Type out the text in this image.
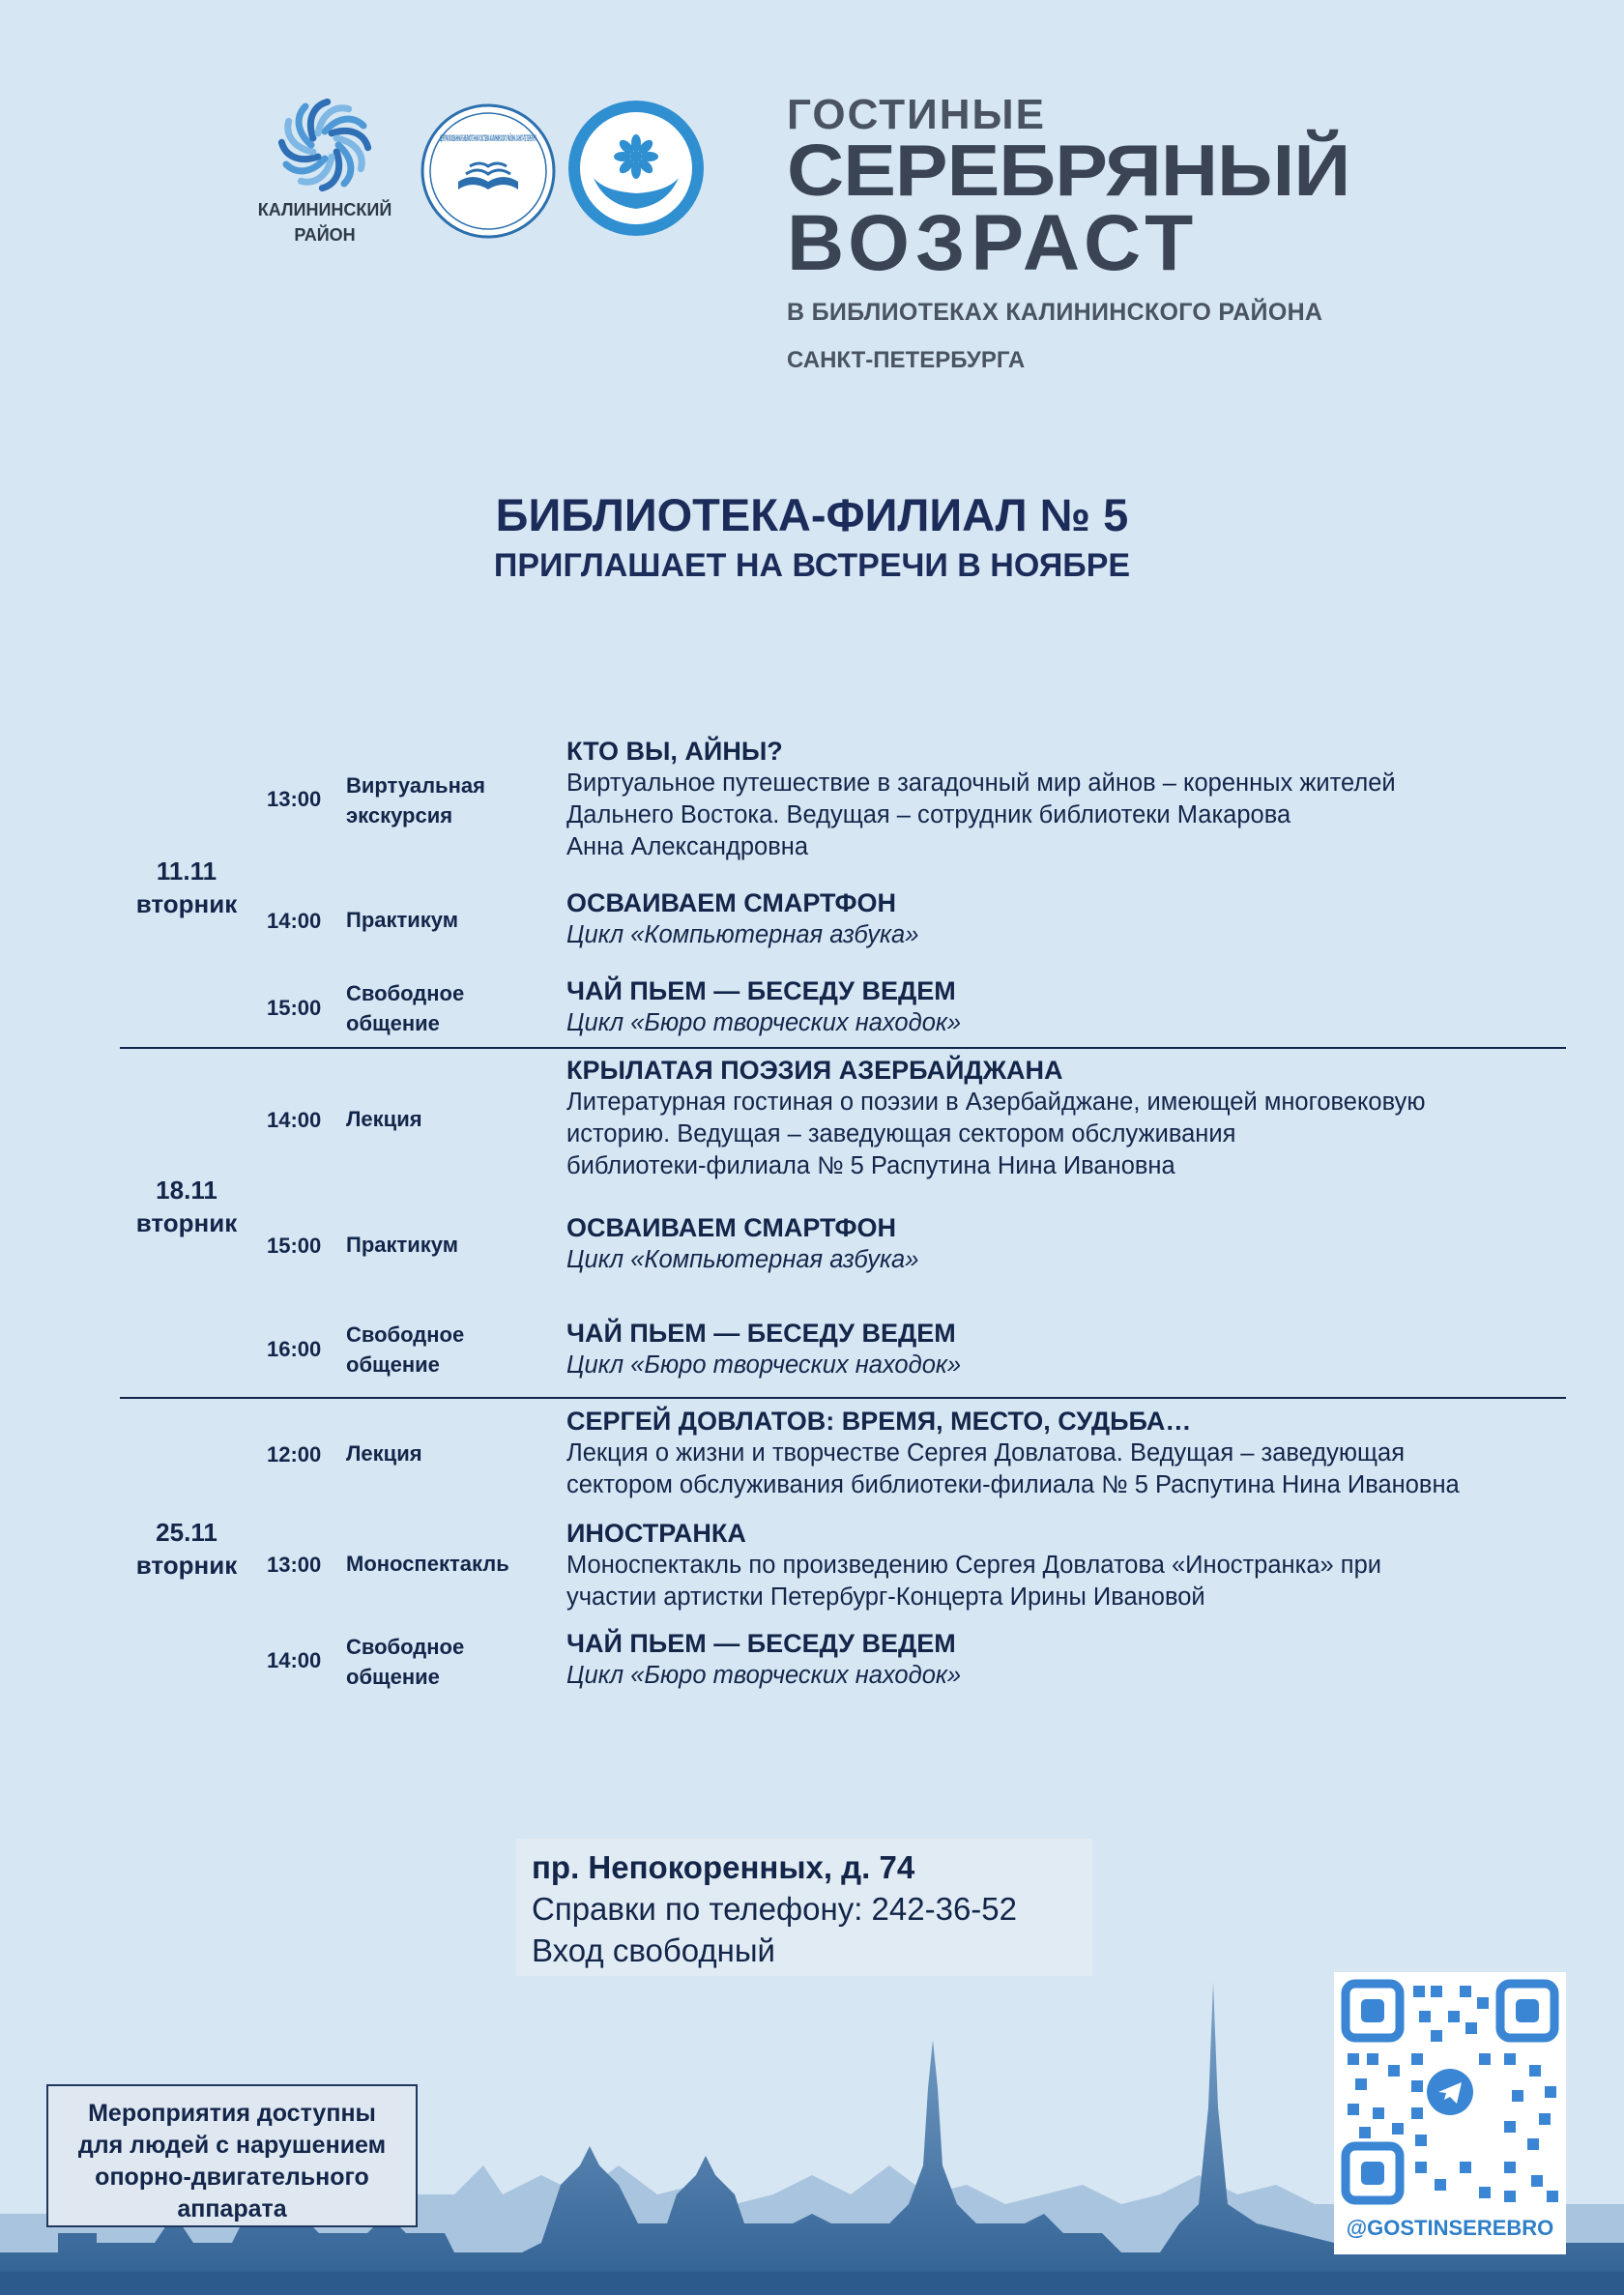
КАЛИНИНСКИЙ
РАЙОН
ГОСТИНЫЕ
СЕРЕБРЯНЫЙ
ВОЗРАСТ
В БИБЛИОТЕКАХ КАЛИНИНСКОГО РАЙОНА
САНКТ-ПЕТЕРБУРГА
БИБЛИОТЕКА-ФИЛИАЛ № 5
ПРИГЛАШАЕТ НА ВСТРЕЧИ В НОЯБРЕ
11.11
вторник
13:00
Виртуальная
экскурсия
КТО ВЫ, АЙНЫ?
Виртуальное путешествие в загадочный мир айнов – коренных жителей
Дальнего Востока. Ведущая – сотрудник библиотеки Макарова
Анна Александровна
14:00 Практикум
ОСВАИВАЕМ СМАРТФОН
Цикл «Компьютерная азбука»
15:00
Свободное
общение
ЧАЙ ПЬЕМ — БЕСЕДУ ВЕДЕМ
Цикл «Бюро творческих находок»
18.11
вторник
14:00 Лекция
КРЫЛАТАЯ ПОЭЗИЯ АЗЕРБАЙДЖАНА
Литературная гостиная о поэзии в Азербайджане, имеющей многовековую
историю. Ведущая – заведующая сектором обслуживания
библиотеки-филиала № 5 Распутина Нина Ивановна
15:00 Практикум
ОСВАИВАЕМ СМАРТФОН
Цикл «Компьютерная азбука»
16:00
Свободное
общение
ЧАЙ ПЬЕМ — БЕСЕДУ ВЕДЕМ
Цикл «Бюро творческих находок»
25.11
вторник
12:00 Лекция
СЕРГЕЙ ДОВЛАТОВ: ВРЕМЯ, МЕСТО, СУДЬБА…
Лекция о жизни и творчестве Сергея Довлатова. Ведущая – заведующая
сектором обслуживания библиотеки-филиала № 5 Распутина Нина Ивановна
13:00 Моноспектакль
ИНОСТРАНКА
Моноспектакль по произведению Сергея Довлатова «Иностранка» при
участии артистки Петербург-Концерта Ирины Ивановой
14:00
Свободное
общение
ЧАЙ ПЬЕМ — БЕСЕДУ ВЕДЕМ
Цикл «Бюро творческих находок»
пр. Непокоренных, д. 74
Справки по телефону: 242-36-52
Вход свободный
Мероприятия доступны
для людей с нарушением
опорно-двигательного
аппарата
@GOSTINSEREBRO
